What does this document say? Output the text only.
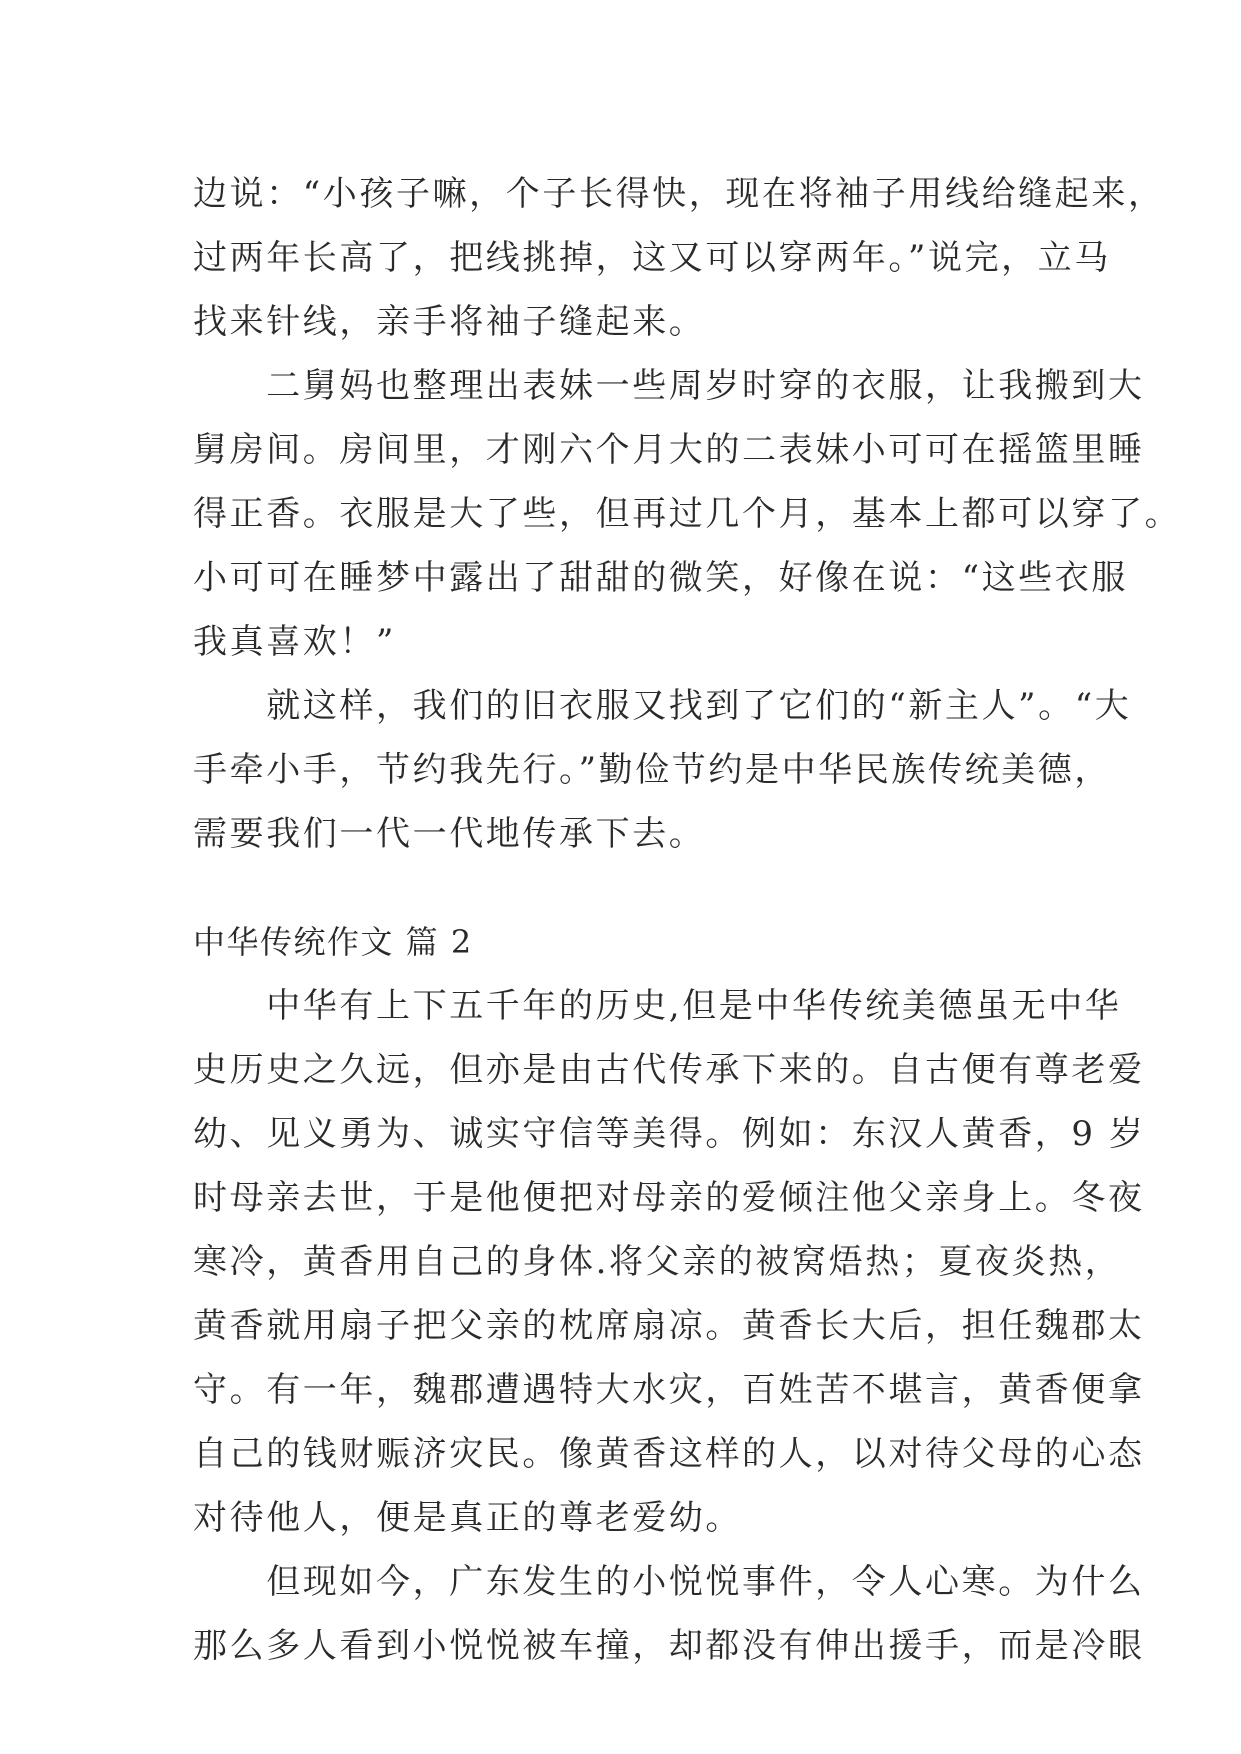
边说：“小孩子嘛，个子长得快，现在将袖子用线给缝起来，
过两年长高了，把线挑掉，这又可以穿两年。”说完，立马
找来针线，亲手将袖子缝起来。
　　二舅妈也整理出表妹一些周岁时穿的衣服，让我搬到大
舅房间。房间里，才刚六个月大的二表妹小可可在摇篮里睡
得正香。衣服是大了些，但再过几个月，基本上都可以穿了。
小可可在睡梦中露出了甜甜的微笑，好像在说：“这些衣服
我真喜欢！”
　　就这样，我们的旧衣服又找到了它们的“新主人”。“大
手牵小手，节约我先行。”勤俭节约是中华民族传统美德，
需要我们一代一代地传承下去。
中华传统作文 篇 2
　　中华有上下五千年的历史,但是中华传统美德虽无中华
史历史之久远，但亦是由古代传承下来的。自古便有尊老爱
幼、见义勇为、诚实守信等美得。例如：东汉人黄香，9 岁
时母亲去世，于是他便把对母亲的爱倾注他父亲身上。冬夜
寒冷，黄香用自己的身体.将父亲的被窝焐热；夏夜炎热，
黄香就用扇子把父亲的枕席扇凉。黄香长大后，担任魏郡太
守。有一年，魏郡遭遇特大水灾，百姓苦不堪言，黄香便拿
自己的钱财赈济灾民。像黄香这样的人，以对待父母的心态
对待他人，便是真正的尊老爱幼。
　　但现如今，广东发生的小悦悦事件，令人心寒。为什么
那么多人看到小悦悦被车撞，却都没有伸出援手，而是冷眼
